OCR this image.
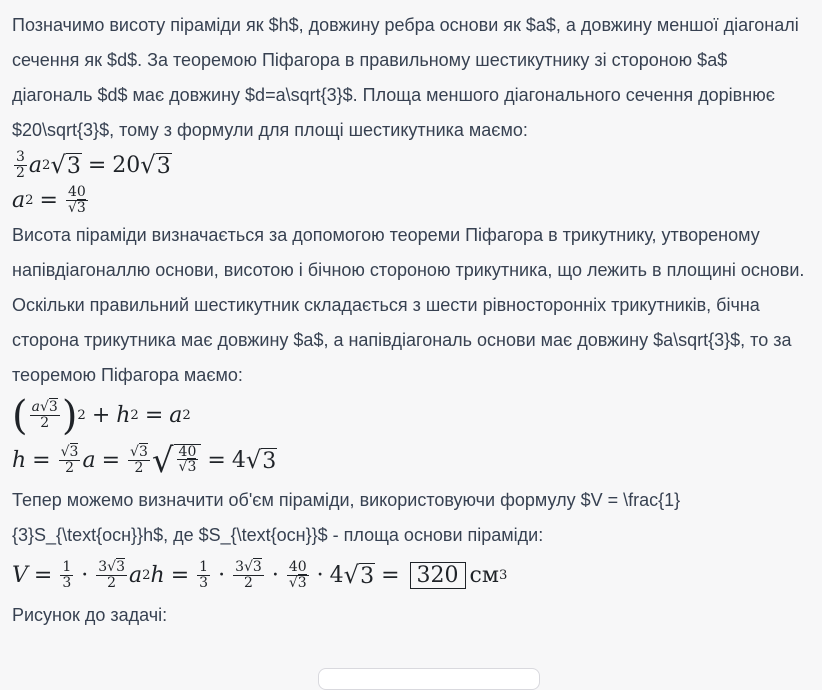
Позначимо висоту піраміди як $h$, довжину ребра основи як $a$, а довжину меншої діагоналі сечення як $d$. За теоремою Піфагора в правильному шестикутнику зі стороною $a$ діагональ $d$ має довжину $d=a\sqrt{3}$. Площа меншого діагонального сечення дорівнює $20\sqrt{3}$, тому з формули для площі шестикутника маємо:

$\frac{3}{2}$ a 2 √ 3 = 20 √ 3
a $2 = \frac{40}{√3}$

Висота піраміди визначається за допомогою теореми Піфагора в трикутнику, утвореному напівдіагоналлю основи, висотою і бічною стороною трикутника, що лежить в площині основи. Оскільки правильний шестикутник складається з шести рівносторонніх трикутників, бічна сторона трикутника має довжину $a$, а напівдіагональ основи має довжину $a\sqrt{3}$, то за теоремою Піфагора маємо:

( $\frac{a√3}{2}$ ) 2 + h 2 = a 2
$h = \frac{√3}{2}$ $a = \frac{√3}{2}$ √ $\frac{40}{√3} = 4$ √ 3

Тепер можемо визначити об'єм піраміди, використовуючи формулу $V = \frac{1}{3}S_{\text{осн}}h$, де $S_{\text{осн}}$ - площа основи піраміди:

$V = \frac{1}{3} \cdot \frac{3√3}{2}$ a 2 $h = \frac{1}{3} \cdot \frac{3√3}{2} \cdot \frac{40}{√3} \cdot 4$ √ 3 = 320 см 3

Рисунок до задачі:
